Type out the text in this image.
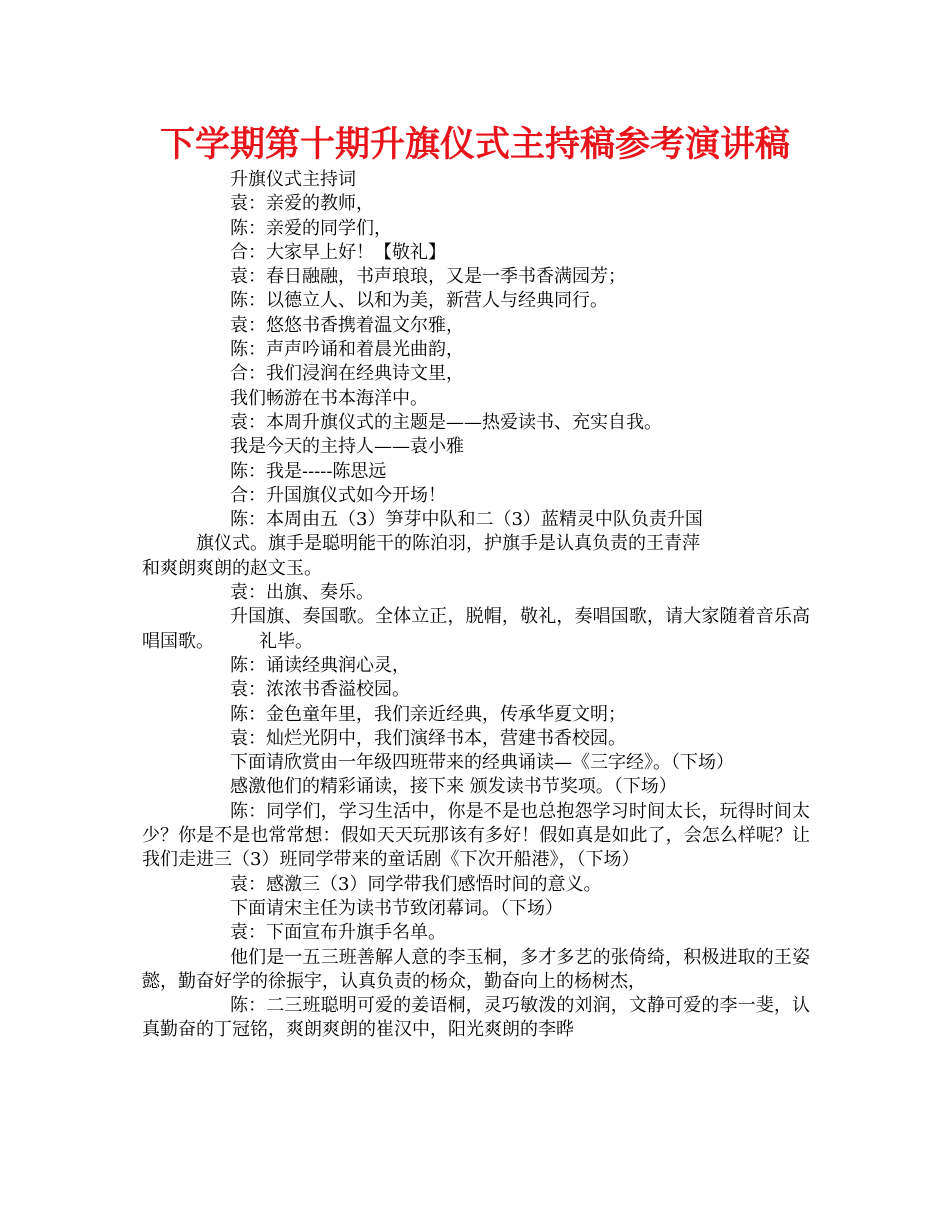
下学期第十期升旗仪式主持稿参考演讲稿

升旗仪式主持词

袁：亲爱的教师，

陈：亲爱的同学们，

合：大家早上好！【敬礼】

袁：春日融融，书声琅琅，又是一季书香满园芳；

陈：以德立人、以和为美，新营人与经典同行。

袁：悠悠书香携着温文尔雅，

陈：声声吟诵和着晨光曲韵，

合：我们浸润在经典诗文里，

我们畅游在书本海洋中。

袁：本周升旗仪式的主题是——热爱读书、充实自我。

我是今天的主持人——袁小雅

陈：我是-----陈思远

合：升国旗仪式如今开场！

陈：本周由五（3）笋芽中队和二（3）蓝精灵中队负责升国

旗仪式。旗手是聪明能干的陈泊羽，护旗手是认真负责的王青萍

和爽朗爽朗的赵文玉。

袁：出旗、奏乐。

升国旗、奏国歌。全体立正，脱帽，敬礼，奏唱国歌，请大家随着音乐高唱国歌。　　　礼毕。

陈：诵读经典润心灵，

袁：浓浓书香溢校园。

陈：金色童年里，我们亲近经典，传承华夏文明；

袁：灿烂光阴中，我们演绎书本，营建书香校园。

下面请欣赏由一年级四班带来的经典诵读—《三字经》。（下场）

感激他们的精彩诵读，接下来 颁发读书节奖项。（下场）

陈：同学们，学习生活中，你是不是也总抱怨学习时间太长，玩得时间太少？你是不是也常常想：假如天天玩那该有多好！假如真是如此了，会怎么样呢？让我们走进三（3）班同学带来的童话剧《下次开船港》，（下场）

袁：感激三（3）同学带我们感悟时间的意义。

下面请宋主任为读书节致闭幕词。（下场）

袁：下面宣布升旗手名单。

他们是一五三班善解人意的李玉桐，多才多艺的张倚绮，积极进取的王姿懿，勤奋好学的徐振宇，认真负责的杨众，勤奋向上的杨树杰，

陈：二三班聪明可爱的姜语桐，灵巧敏泼的刘润，文静可爱的李一斐，认真勤奋的丁冠铭，爽朗爽朗的崔汉中，阳光爽朗的李晔
